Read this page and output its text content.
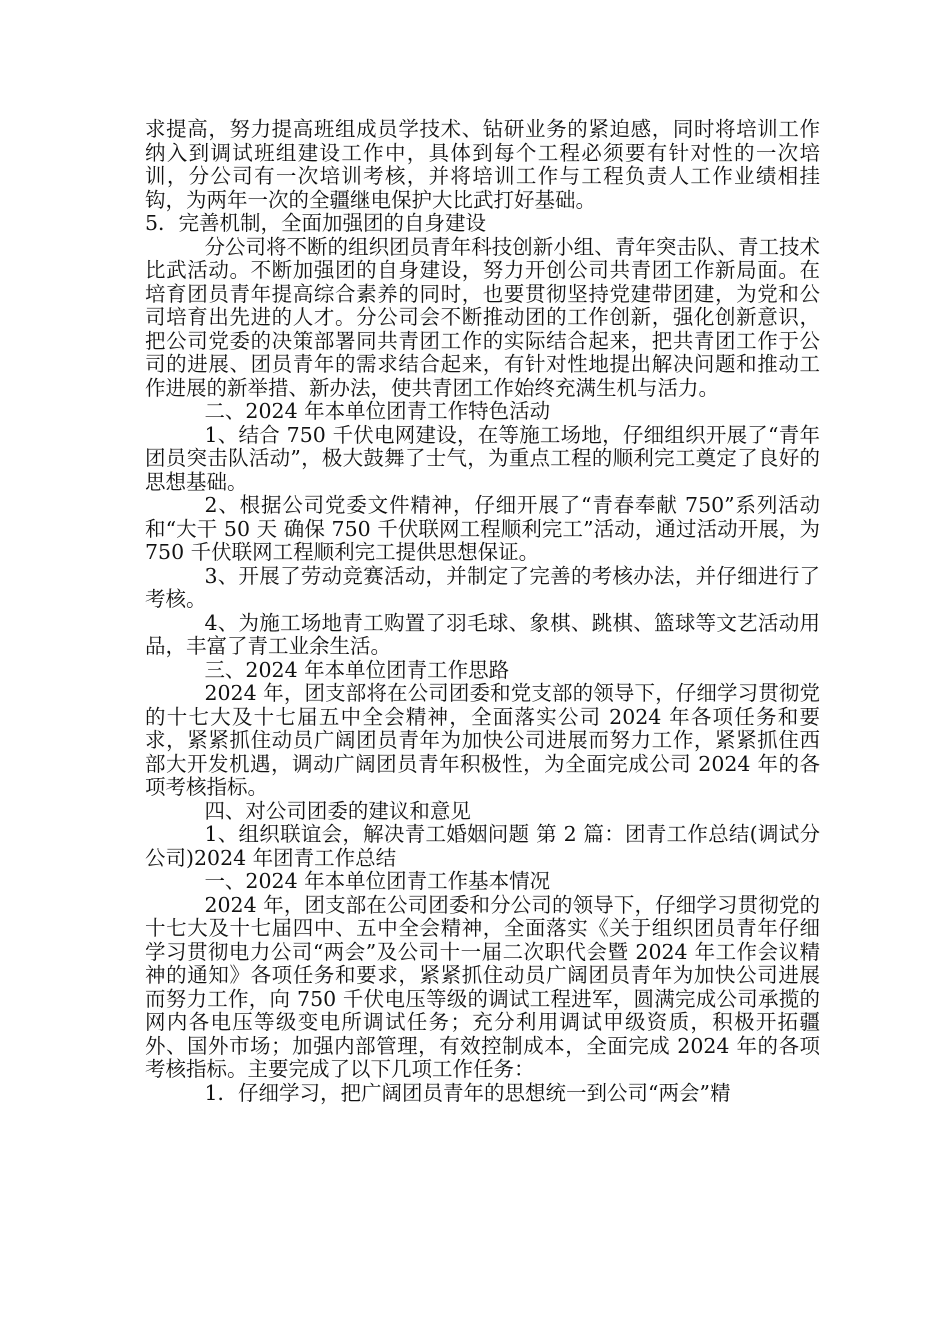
求提高，努力提高班组成员学技术、钻研业务的紧迫感，同时将培训工作纳入到调试班组建设工作中，具体到每个工程必须要有针对性的一次培训，分公司有一次培训考核，并将培训工作与工程负责人工作业绩相挂钩，为两年一次的全疆继电保护大比武打好基础。

5．完善机制，全面加强团的自身建设

分公司将不断的组织团员青年科技创新小组、青年突击队、青工技术比武活动。不断加强团的自身建设，努力开创公司共青团工作新局面。在培育团员青年提高综合素养的同时，也要贯彻坚持党建带团建，为党和公司培育出先进的人才。分公司会不断推动团的工作创新，强化创新意识，把公司党委的决策部署同共青团工作的实际结合起来，把共青团工作于公司的进展、团员青年的需求结合起来，有针对性地提出解决问题和推动工作进展的新举措、新办法，使共青团工作始终充满生机与活力。

二、2024 年本单位团青工作特色活动

1、结合 750 千伏电网建设，在等施工场地，仔细组织开展了“青年团员突击队活动”，极大鼓舞了士气，为重点工程的顺利完工奠定了良好的思想基础。

2、根据公司党委文件精神，仔细开展了“青春奉献 750”系列活动和“大干 50 天 确保 750 千伏联网工程顺利完工”活动，通过活动开展，为 750 千伏联网工程顺利完工提供思想保证。

3、开展了劳动竞赛活动，并制定了完善的考核办法，并仔细进行了考核。

4、为施工场地青工购置了羽毛球、象棋、跳棋、篮球等文艺活动用品，丰富了青工业余生活。

三、2024 年本单位团青工作思路

2024 年，团支部将在公司团委和党支部的领导下，仔细学习贯彻党的十七大及十七届五中全会精神，全面落实公司 2024 年各项任务和要求，紧紧抓住动员广阔团员青年为加快公司进展而努力工作，紧紧抓住西部大开发机遇，调动广阔团员青年积极性，为全面完成公司 2024 年的各项考核指标。

四、对公司团委的建议和意见

1、组织联谊会，解决青工婚姻问题 第 2 篇：团青工作总结(调试分公司)2024 年团青工作总结

一、2024 年本单位团青工作基本情况

2024 年，团支部在公司团委和分公司的领导下，仔细学习贯彻党的十七大及十七届四中、五中全会精神，全面落实《关于组织团员青年仔细学习贯彻电力公司“两会”及公司十一届二次职代会暨 2024 年工作会议精神的通知》各项任务和要求，紧紧抓住动员广阔团员青年为加快公司进展而努力工作，向 750 千伏电压等级的调试工程进军，圆满完成公司承揽的网内各电压等级变电所调试任务；充分利用调试甲级资质，积极开拓疆外、国外市场；加强内部管理，有效控制成本，全面完成 2024 年的各项考核指标。主要完成了以下几项工作任务：

1．仔细学习，把广阔团员青年的思想统一到公司“两会”精
